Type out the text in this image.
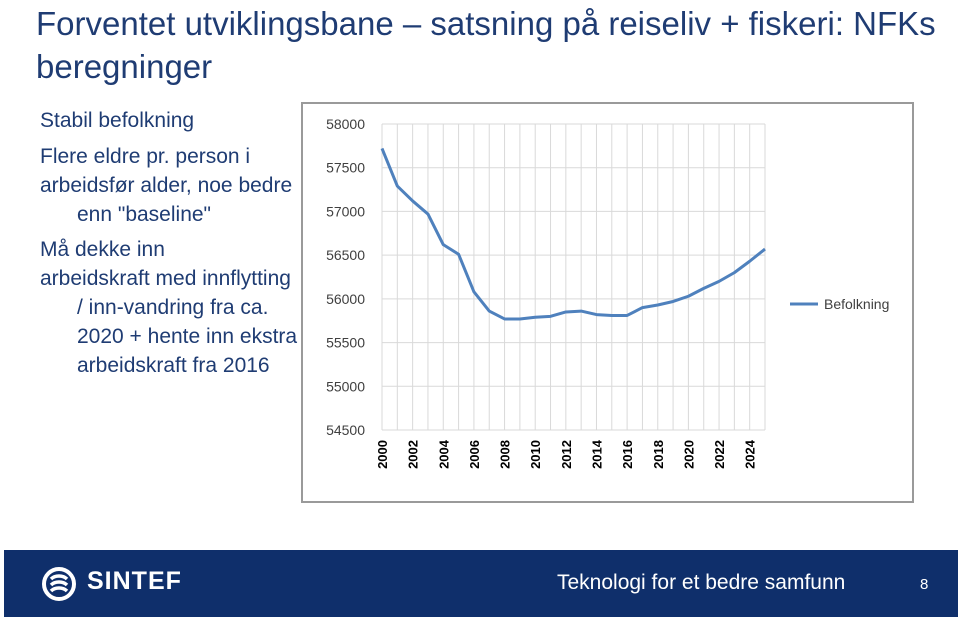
Forventet utviklingsbane – satsning på reiseliv + fiskeri: NFKs beregninger
Stabil befolkning
Flere eldre pr. person i
arbeidsfør alder, noe bedre enn "baseline"
Må dekke inn
arbeidskraft med innflytting / inn-vandring fra ca. 2020 + hente inn ekstra arbeidskraft fra 2016
54500
55000
55500
56000
56500
57000
57500
58000
2000 2002 2004 2006 2008 2010 2012 2014 2016 2018 2020 2022 2024
Befolkning
SINTEF	Teknologi for et bedre samfunn	8
